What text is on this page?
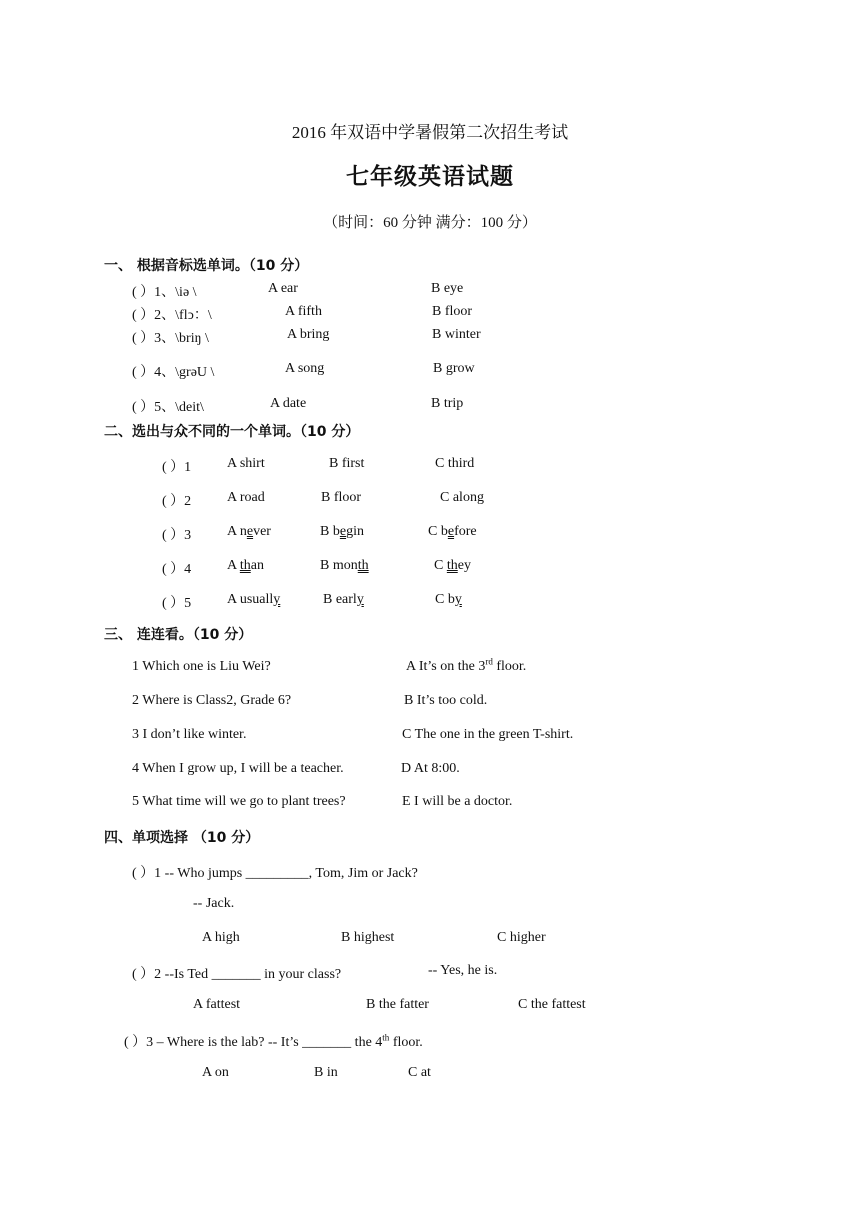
2016 年双语中学暑假第二次招生考试
七年级英语试题
（时间：60 分钟 满分：100 分）
一、 根据音标选单词。（10 分）
( ）1、\iə \	A ear	B eye
( ）2、\flↄ：\	A fifth	B floor
( ）3、\briŋ \	A bring	B winter
( ）4、\grəU \	A song	B grow
( ）5、\deit\	A date	B trip
二、选出与众不同的一个单词。（10 分）
( ）1	A shirt	B first	C third
( ）2	A road	B floor	C along
( ）3	A never	B begin	C before
( ）4	A than	B month	C they
( ）5	A usually	B early	C by
三、 连连看。（10 分）
1 Which one is Liu Wei?	A It’s on the 3rd floor.
2 Where is Class2, Grade 6?	B It’s too cold.
3 I don’t like winter.	C The one in the green T-shirt.
4 When I grow up, I will be a teacher.	D At 8:00.
5 What time will we go to plant trees?	E I will be a doctor.
四、单项选择 （10 分）
( ）1 -- Who jumps _________, Tom, Jim or Jack?
-- Jack.
A high	B highest	C higher
( ）2 --Is Ted _______ in your class?	-- Yes, he is.
A fattest	B the fatter	C the fattest
( ）3 – Where is the lab? -- It’s _______ the 4th floor.
A on	B in	C at
